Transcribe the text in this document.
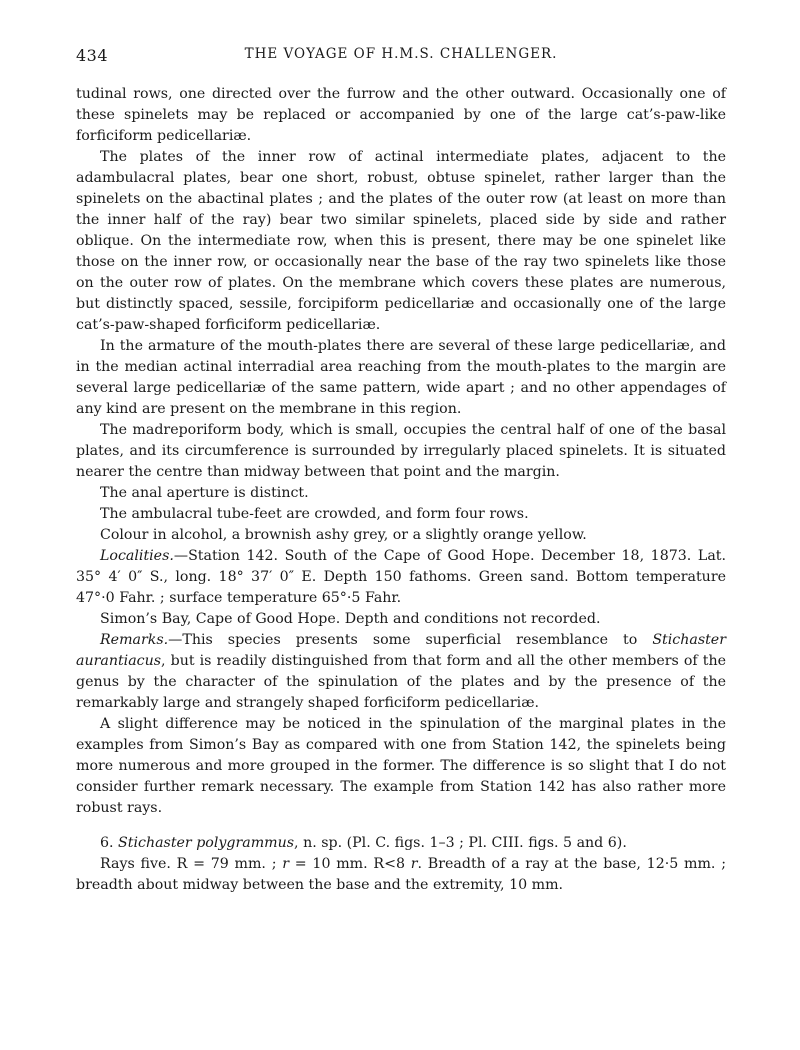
434	THE VOYAGE OF H.M.S. CHALLENGER.

tudinal rows, one directed over the furrow and the other outward. Occasionally one of these spinelets may be replaced or accompanied by one of the large cat’s-paw-like forficiform pedicellariæ.

The plates of the inner row of actinal intermediate plates, adjacent to the adambulacral plates, bear one short, robust, obtuse spinelet, rather larger than the spinelets on the abactinal plates ; and the plates of the outer row (at least on more than the inner half of the ray) bear two similar spinelets, placed side by side and rather oblique. On the intermediate row, when this is present, there may be one spinelet like those on the inner row, or occasionally near the base of the ray two spinelets like those on the outer row of plates. On the membrane which covers these plates are numerous, but distinctly spaced, sessile, forcipiform pedicellariæ and occasionally one of the large cat’s-paw-shaped forficiform pedicellariæ.

In the armature of the mouth-plates there are several of these large pedicellariæ, and in the median actinal interradial area reaching from the mouth-plates to the margin are several large pedicellariæ of the same pattern, wide apart ; and no other appendages of any kind are present on the membrane in this region.

The madreporiform body, which is small, occupies the central half of one of the basal plates, and its circumference is surrounded by irregularly placed spinelets. It is situated nearer the centre than midway between that point and the margin.

The anal aperture is distinct.

The ambulacral tube-feet are crowded, and form four rows.

Colour in alcohol, a brownish ashy grey, or a slightly orange yellow.

Localities.—Station 142. South of the Cape of Good Hope. December 18, 1873. Lat. 35° 4′ 0″ S., long. 18° 37′ 0″ E. Depth 150 fathoms. Green sand. Bottom temperature 47°·0 Fahr. ; surface temperature 65°·5 Fahr.

Simon’s Bay, Cape of Good Hope. Depth and conditions not recorded.

Remarks.—This species presents some superficial resemblance to Stichaster aurantiacus, but is readily distinguished from that form and all the other members of the genus by the character of the spinulation of the plates and by the presence of the remarkably large and strangely shaped forficiform pedicellariæ.

A slight difference may be noticed in the spinulation of the marginal plates in the examples from Simon’s Bay as compared with one from Station 142, the spinelets being more numerous and more grouped in the former. The difference is so slight that I do not consider further remark necessary. The example from Station 142 has also rather more robust rays.

6. Stichaster polygrammus, n. sp. (Pl. C. figs. 1–3 ; Pl. CIII. figs. 5 and 6).

Rays five. R = 79 mm. ; r = 10 mm. R<8 r. Breadth of a ray at the base, 12·5 mm. ; breadth about midway between the base and the extremity, 10 mm.
